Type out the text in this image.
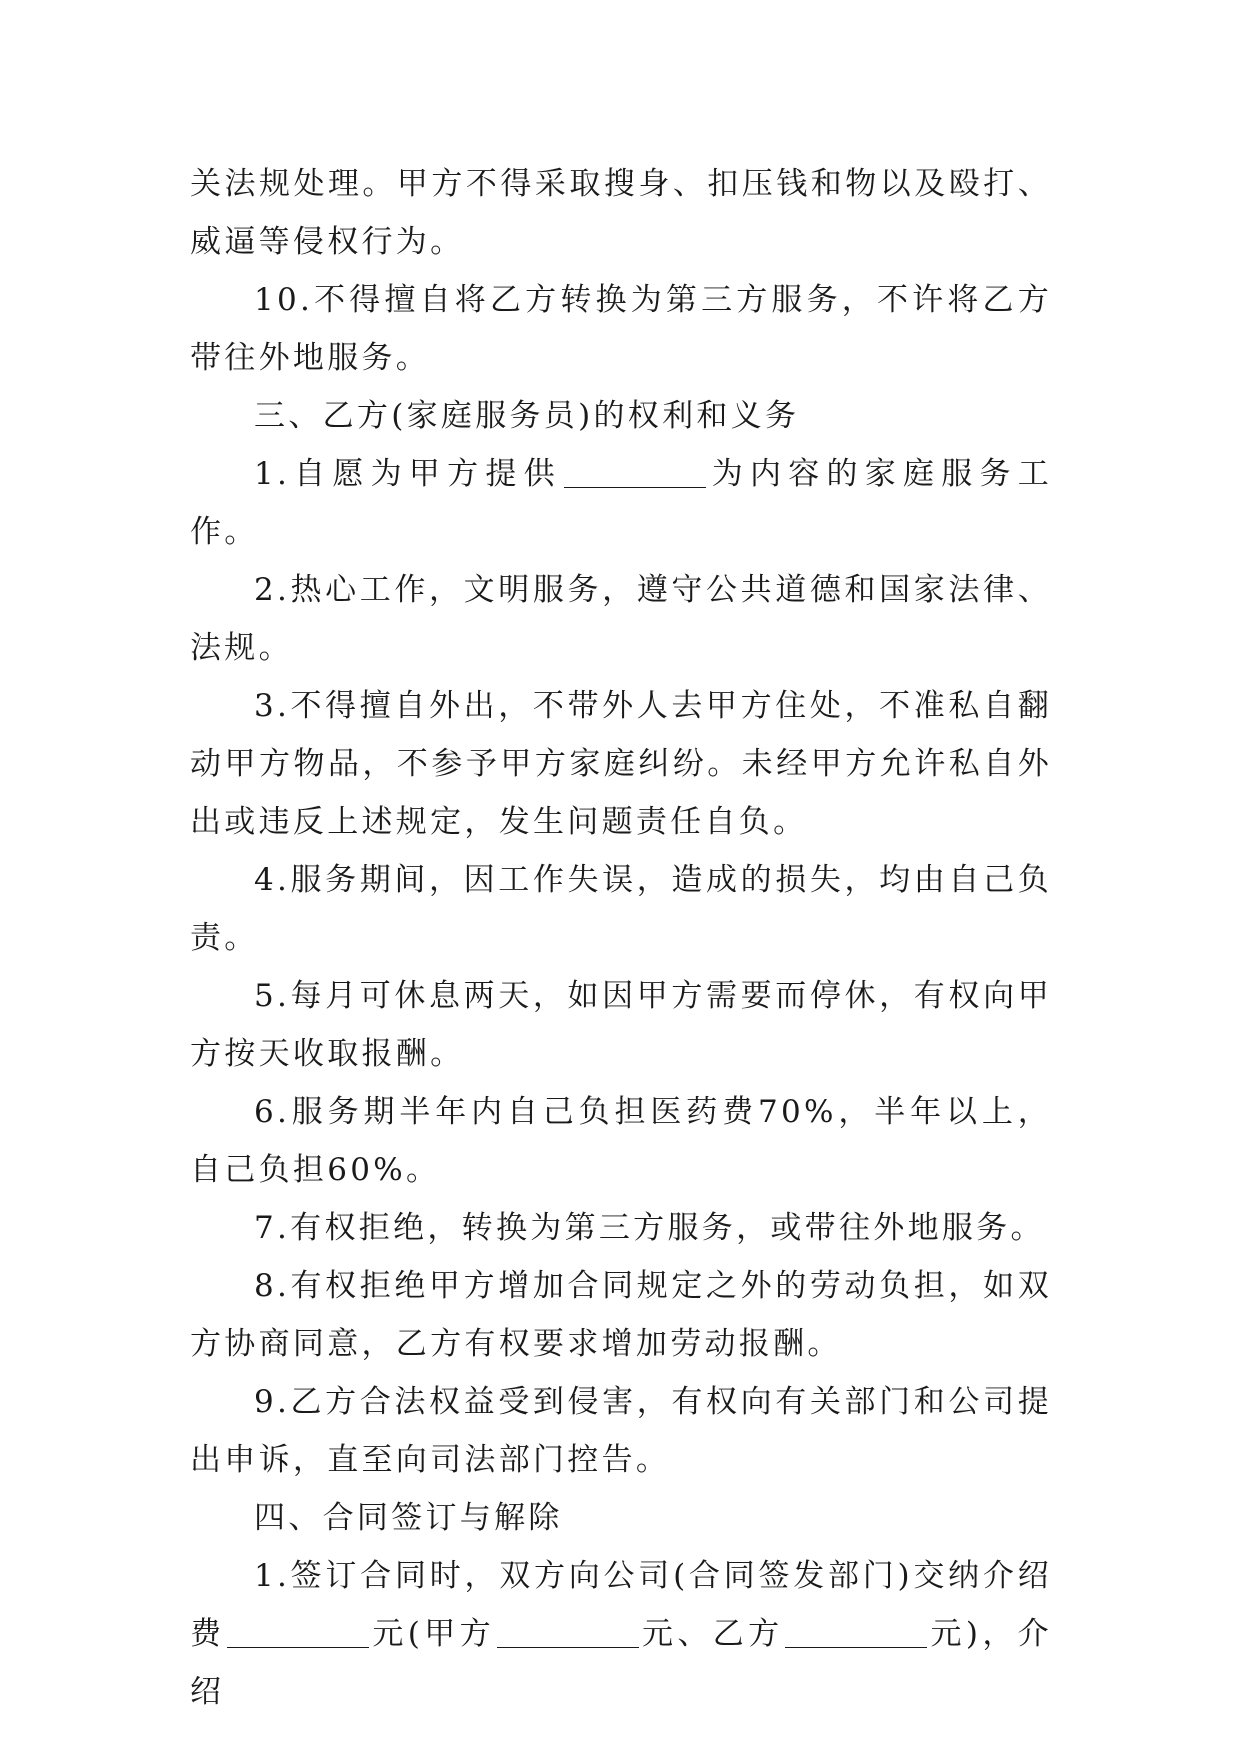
关法规处理。甲方不得采取搜身、扣压钱和物以及殴打、威逼等侵权行为。

10.不得擅自将乙方转换为第三方服务，不许将乙方带往外地服务。

三、乙方(家庭服务员)的权利和义务

1.自愿为甲方提供	为内容的家庭服务工作。

2.热心工作，文明服务，遵守公共道德和国家法律、法规。

3.不得擅自外出，不带外人去甲方住处，不准私自翻动甲方物品，不参予甲方家庭纠纷。未经甲方允许私自外出或违反上述规定，发生问题责任自负。

4.服务期间，因工作失误，造成的损失，均由自己负责。

5.每月可休息两天，如因甲方需要而停休，有权向甲方按天收取报酬。

6.服务期半年内自己负担医药费70%，半年以上，自己负担60%。

7.有权拒绝，转换为第三方服务，或带往外地服务。

8.有权拒绝甲方增加合同规定之外的劳动负担，如双方协商同意，乙方有权要求增加劳动报酬。

9.乙方合法权益受到侵害，有权向有关部门和公司提出申诉，直至向司法部门控告。

四、合同签订与解除

1.签订合同时，双方向公司(合同签发部门)交纳介绍费	元(甲方	元、乙方	元)，介绍
